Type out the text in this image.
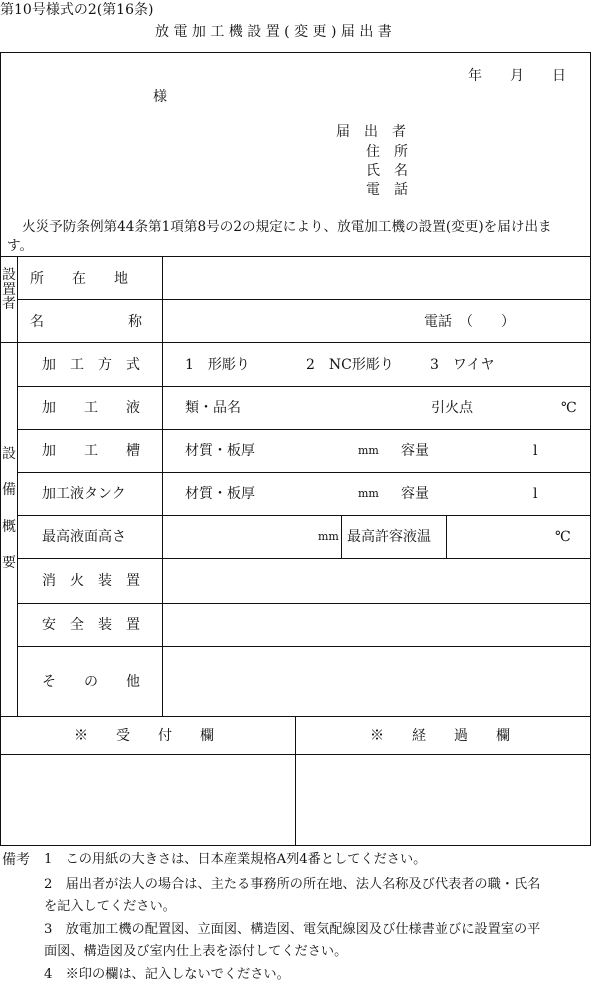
第10号様式の2(第16条)
放 電 加 工 機 設 置 ( 変 更 ) 届 出 書
年　　月　　日
様
届　出　者
住　所
氏　名
電　話
火災予防条例第44条第1項第8号の2の規定により、放電加工機の設置(変更)を届け出ま
す。
設置者
所　　在　　地
名　　　　　　称	電話　（　　）
設備概要
加　工　方　式	1　形彫り	2　NC形彫り	3　ワイヤ
加　　工　　液	類・品名	引火点	℃
加　　工　　槽	材質・板厚	mm 容量	l
加工液タンク	材質・板厚	mm 容量	l
最高液面高さ	mm 最高許容液温	℃
消　火　装　置
安　全　装　置
そ　　の　　他
※　　受　　付　　欄	※　　経　　過　　欄
備考 1　この用紙の大きさは、日本産業規格A列4番としてください。
2　届出者が法人の場合は、主たる事務所の所在地、法人名称及び代表者の職・氏名
を記入してください。
3　放電加工機の配置図、立面図、構造図、電気配線図及び仕様書並びに設置室の平
面図、構造図及び室内仕上表を添付してください。
4　※印の欄は、記入しないでください。
